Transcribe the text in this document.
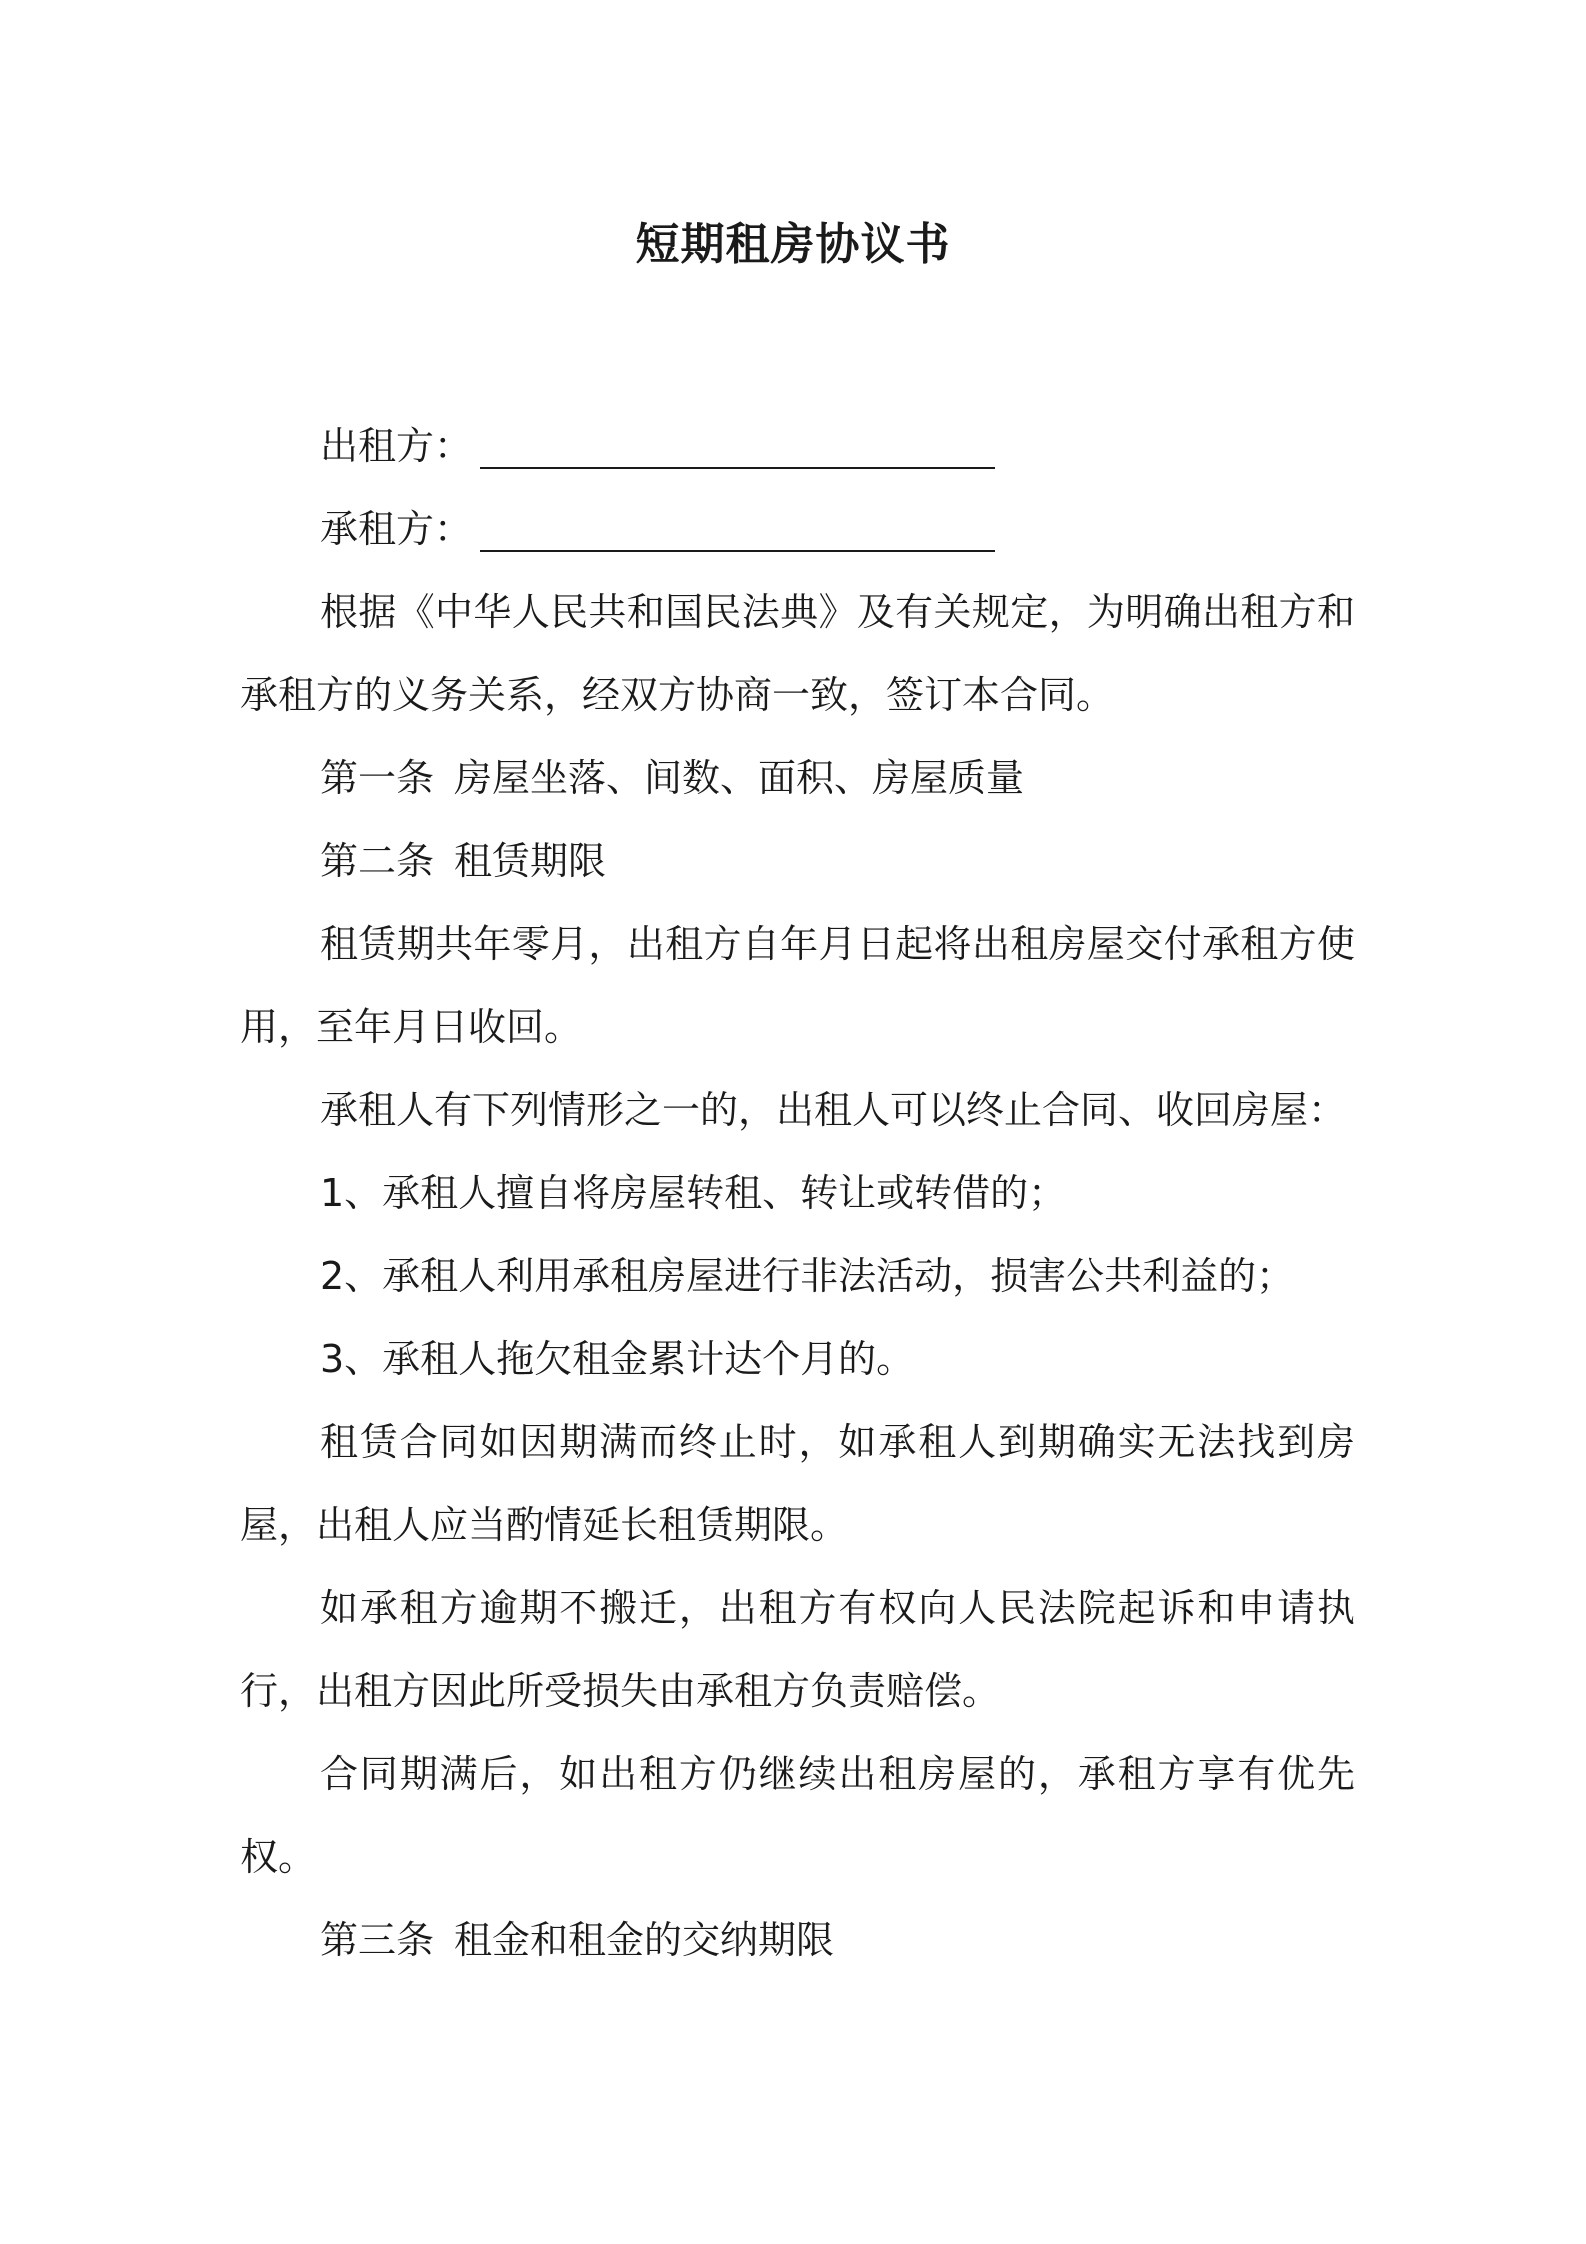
短期租房协议书
出租方：
承租方：

根据《中华人民共和国民法典》及有关规定，为明确出租方和承租方的义务关系，经双方协商一致，签订本合同。

第一条 房屋坐落、间数、面积、房屋质量
第二条 租赁期限

租赁期共年零月，出租方自年月日起将出租房屋交付承租方使用，至年月日收回。

承租人有下列情形之一的，出租人可以终止合同、收回房屋：
1、承租人擅自将房屋转租、转让或转借的；
2、承租人利用承租房屋进行非法活动，损害公共利益的；
3、承租人拖欠租金累计达个月的。

租赁合同如因期满而终止时，如承租人到期确实无法找到房屋，出租人应当酌情延长租赁期限。

如承租方逾期不搬迁，出租方有权向人民法院起诉和申请执行，出租方因此所受损失由承租方负责赔偿。

合同期满后，如出租方仍继续出租房屋的，承租方享有优先权。

第三条 租金和租金的交纳期限
